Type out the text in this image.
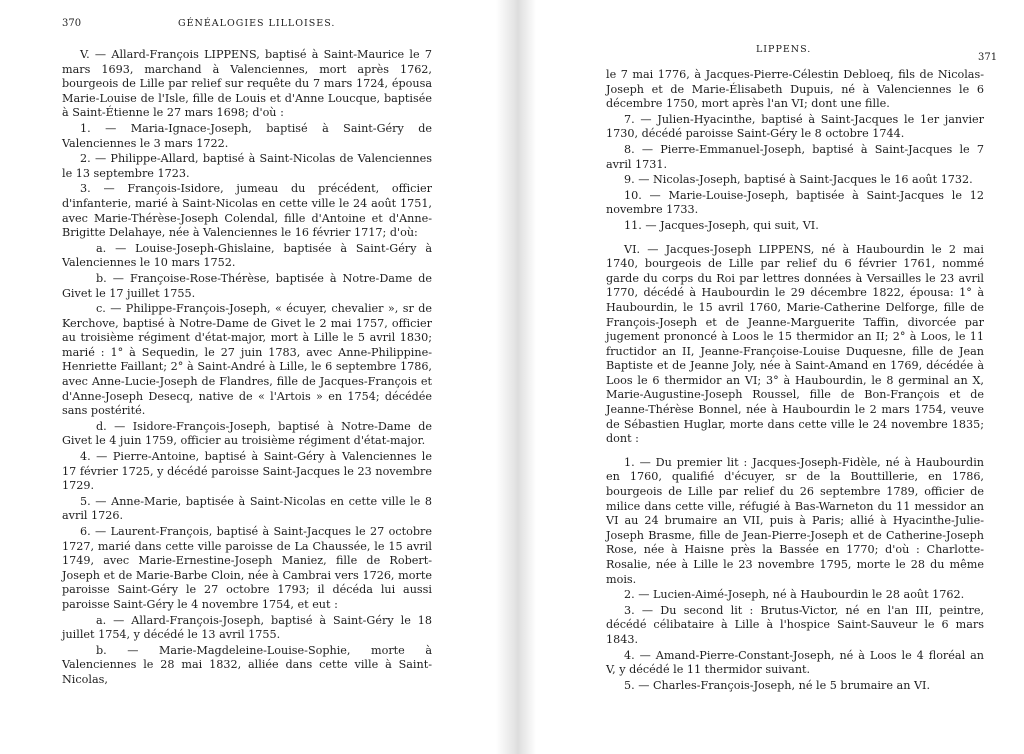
370	GÉNÉALOGIES LILLOISES.

V. — Allard-François LIPPENS, baptisé à Saint-Maurice le 7 mars 1693, marchand à Valenciennes, mort après 1762, bourgeois de Lille par relief sur requête du 7 mars 1724, épousa Marie-Louise de l'Isle, fille de Louis et d'Anne Loucque, baptisée à Saint-Étienne le 27 mars 1698; d'où :

1. — Maria-Ignace-Joseph, baptisé à Saint-Géry de Valenciennes le 3 mars 1722.

2. — Philippe-Allard, baptisé à Saint-Nicolas de Valenciennes le 13 septembre 1723.

3. — François-Isidore, jumeau du précédent, officier d'infanterie, marié à Saint-Nicolas en cette ville le 24 août 1751, avec Marie-Thérèse-Joseph Colendal, fille d'Antoine et d'Anne-Brigitte Delahaye, née à Valenciennes le 16 février 1717; d'où:

a. — Louise-Joseph-Ghislaine, baptisée à Saint-Géry à Valenciennes le 10 mars 1752.

b. — Françoise-Rose-Thérèse, baptisée à Notre-Dame de Givet le 17 juillet 1755.

c. — Philippe-François-Joseph, « écuyer, chevalier », sr de Kerchove, baptisé à Notre-Dame de Givet le 2 mai 1757, officier au troisième régiment d'état-major, mort à Lille le 5 avril 1830; marié : 1° à Sequedin, le 27 juin 1783, avec Anne-Philippine-Henriette Faillant; 2° à Saint-André à Lille, le 6 septembre 1786, avec Anne-Lucie-Joseph de Flandres, fille de Jacques-François et d'Anne-Joseph Desecq, native de « l'Artois » en 1754; décédée sans postérité.

d. — Isidore-François-Joseph, baptisé à Notre-Dame de Givet le 4 juin 1759, officier au troisième régiment d'état-major.

4. — Pierre-Antoine, baptisé à Saint-Géry à Valenciennes le 17 février 1725, y décédé paroisse Saint-Jacques le 23 novembre 1729.

5. — Anne-Marie, baptisée à Saint-Nicolas en cette ville le 8 avril 1726.

6. — Laurent-François, baptisé à Saint-Jacques le 27 octobre 1727, marié dans cette ville paroisse de La Chaussée, le 15 avril 1749, avec Marie-Ernestine-Joseph Maniez, fille de Robert-Joseph et de Marie-Barbe Cloin, née à Cambrai vers 1726, morte paroisse Saint-Géry le 27 octobre 1793; il décéda lui aussi paroisse Saint-Géry le 4 novembre 1754, et eut :

a. — Allard-François-Joseph, baptisé à Saint-Géry le 18 juillet 1754, y décédé le 13 avril 1755.

b. — Marie-Magdeleine-Louise-Sophie, morte à Valenciennes le 28 mai 1832, alliée dans cette ville à Saint-Nicolas,

LIPPENS.
371

le 7 mai 1776, à Jacques-Pierre-Célestin Debloeq, fils de Nicolas-Joseph et de Marie-Élisabeth Dupuis, né à Valenciennes le 6 décembre 1750, mort après l'an VI; dont une fille.

7. — Julien-Hyacinthe, baptisé à Saint-Jacques le 1er janvier 1730, décédé paroisse Saint-Géry le 8 octobre 1744.

8. — Pierre-Emmanuel-Joseph, baptisé à Saint-Jacques le 7 avril 1731.

9. — Nicolas-Joseph, baptisé à Saint-Jacques le 16 août 1732.

10. — Marie-Louise-Joseph, baptisée à Saint-Jacques le 12 novembre 1733.

11. — Jacques-Joseph, qui suit, VI.

VI. — Jacques-Joseph LIPPENS, né à Haubourdin le 2 mai 1740, bourgeois de Lille par relief du 6 février 1761, nommé garde du corps du Roi par lettres données à Versailles le 23 avril 1770, décédé à Haubourdin le 29 décembre 1822, épousa: 1° à Haubourdin, le 15 avril 1760, Marie-Catherine Delforge, fille de François-Joseph et de Jeanne-Marguerite Taffin, divorcée par jugement prononcé à Loos le 15 thermidor an II; 2° à Loos, le 11 fructidor an II, Jeanne-Françoise-Louise Duquesne, fille de Jean Baptiste et de Jeanne Joly, née à Saint-Amand en 1769, décédée à Loos le 6 thermidor an VI; 3° à Haubourdin, le 8 germinal an X, Marie-Augustine-Joseph Roussel, fille de Bon-François et de Jeanne-Thérèse Bonnel, née à Haubourdin le 2 mars 1754, veuve de Sébastien Huglar, morte dans cette ville le 24 novembre 1835; dont :

1. — Du premier lit : Jacques-Joseph-Fidèle, né à Haubourdin en 1760, qualifié d'écuyer, sr de la Bouttillerie, en 1786, bourgeois de Lille par relief du 26 septembre 1789, officier de milice dans cette ville, réfugié à Bas-Warneton du 11 messidor an VI au 24 brumaire an VII, puis à Paris; allié à Hyacinthe-Julie-Joseph Brasme, fille de Jean-Pierre-Joseph et de Catherine-Joseph Rose, née à Haisne près la Bassée en 1770; d'où : Charlotte-Rosalie, née à Lille le 23 novembre 1795, morte le 28 du même mois.

2. — Lucien-Aimé-Joseph, né à Haubourdin le 28 août 1762.

3. — Du second lit : Brutus-Victor, né en l'an III, peintre, décédé célibataire à Lille à l'hospice Saint-Sauveur le 6 mars 1843.

4. — Amand-Pierre-Constant-Joseph, né à Loos le 4 floréal an V, y décédé le 11 thermidor suivant.

5. — Charles-François-Joseph, né le 5 brumaire an VI.
